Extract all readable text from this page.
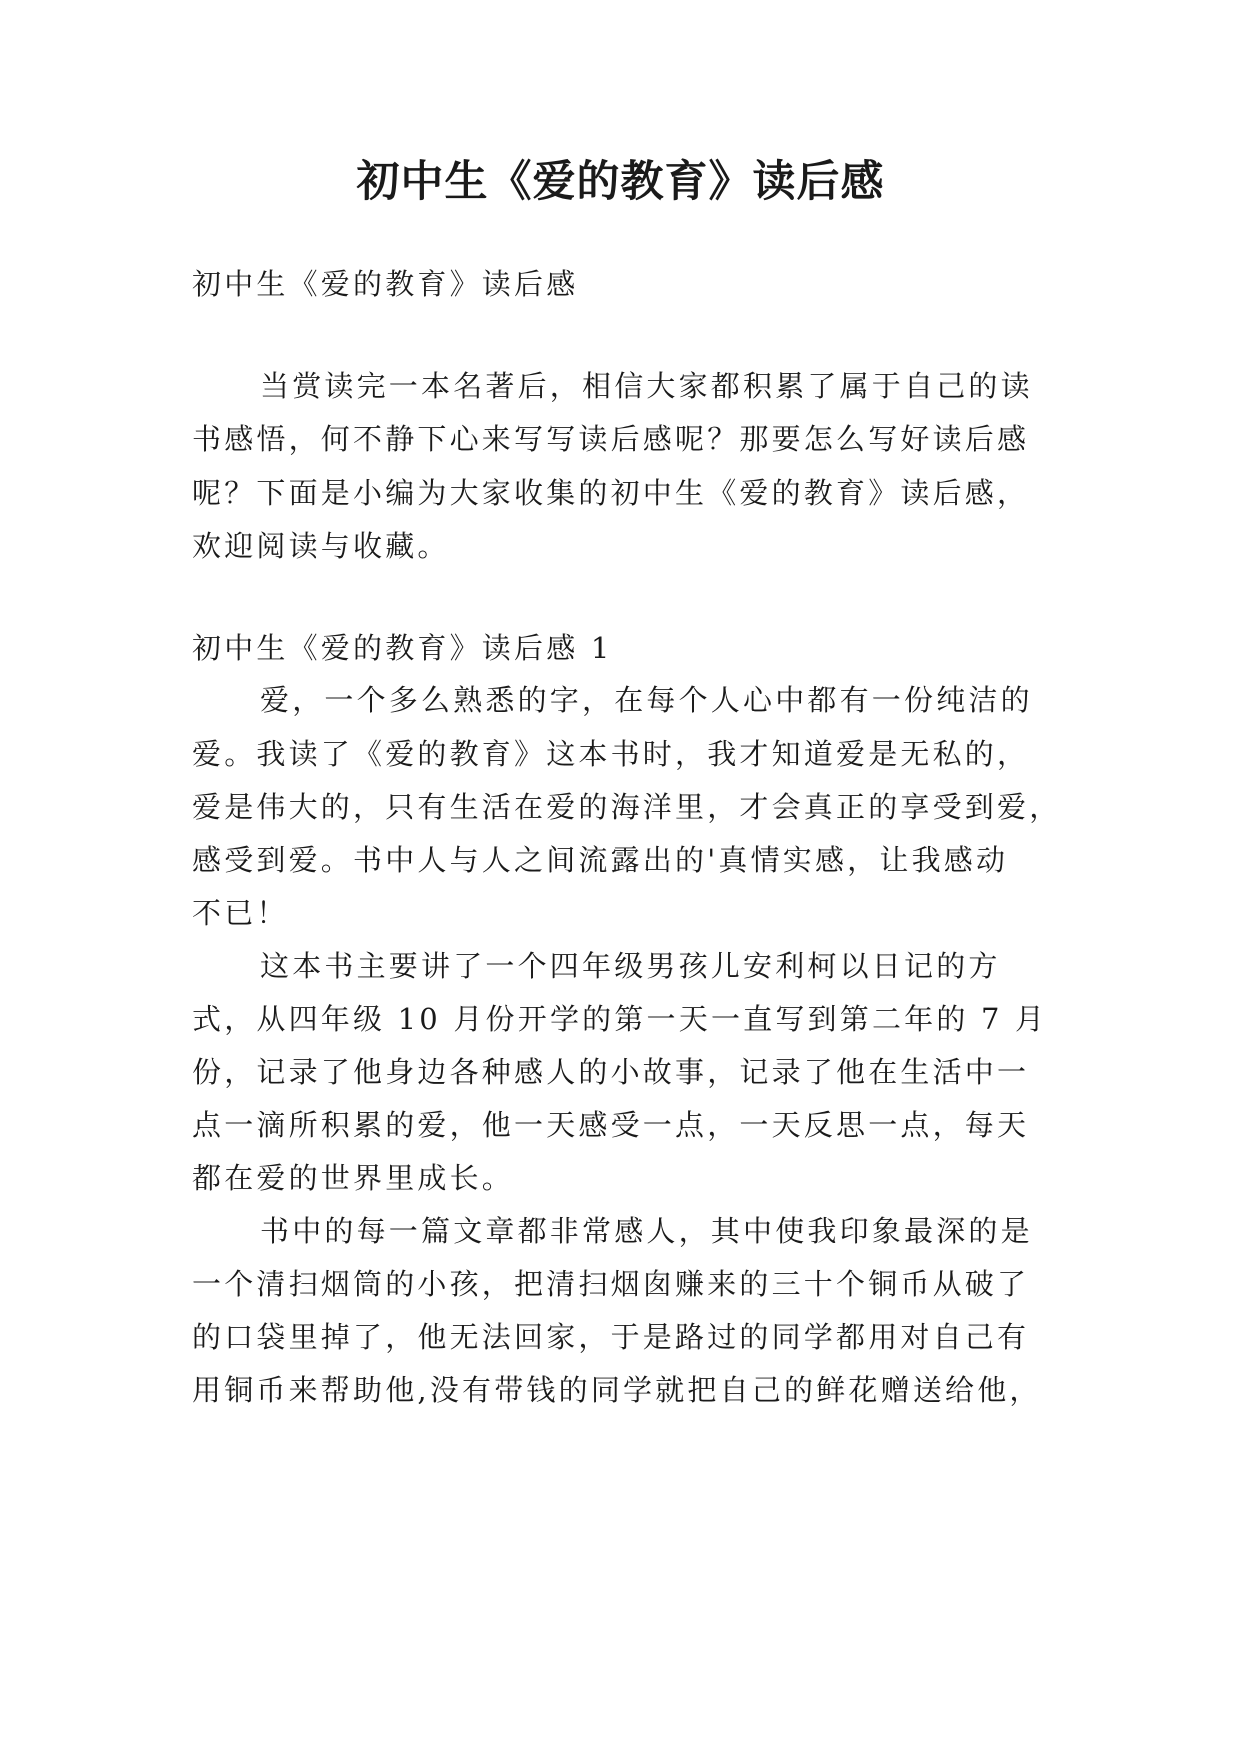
初中生《爱的教育》读后感
初中生《爱的教育》读后感
当赏读完一本名著后，相信大家都积累了属于自己的读
书感悟，何不静下心来写写读后感呢？那要怎么写好读后感
呢？下面是小编为大家收集的初中生《爱的教育》读后感，
欢迎阅读与收藏。
初中生《爱的教育》读后感 1
爱，一个多么熟悉的字，在每个人心中都有一份纯洁的
爱。我读了《爱的教育》这本书时，我才知道爱是无私的，
爱是伟大的，只有生活在爱的海洋里，才会真正的享受到爱，
感受到爱。书中人与人之间流露出的'真情实感，让我感动
不已！
这本书主要讲了一个四年级男孩儿安利柯以日记的方
式，从四年级 10 月份开学的第一天一直写到第二年的 7 月
份，记录了他身边各种感人的小故事，记录了他在生活中一
点一滴所积累的爱，他一天感受一点，一天反思一点，每天
都在爱的世界里成长。
书中的每一篇文章都非常感人，其中使我印象最深的是
一个清扫烟筒的小孩，把清扫烟囱赚来的三十个铜币从破了
的口袋里掉了，他无法回家，于是路过的同学都用对自己有
用铜币来帮助他,没有带钱的同学就把自己的鲜花赠送给他，
